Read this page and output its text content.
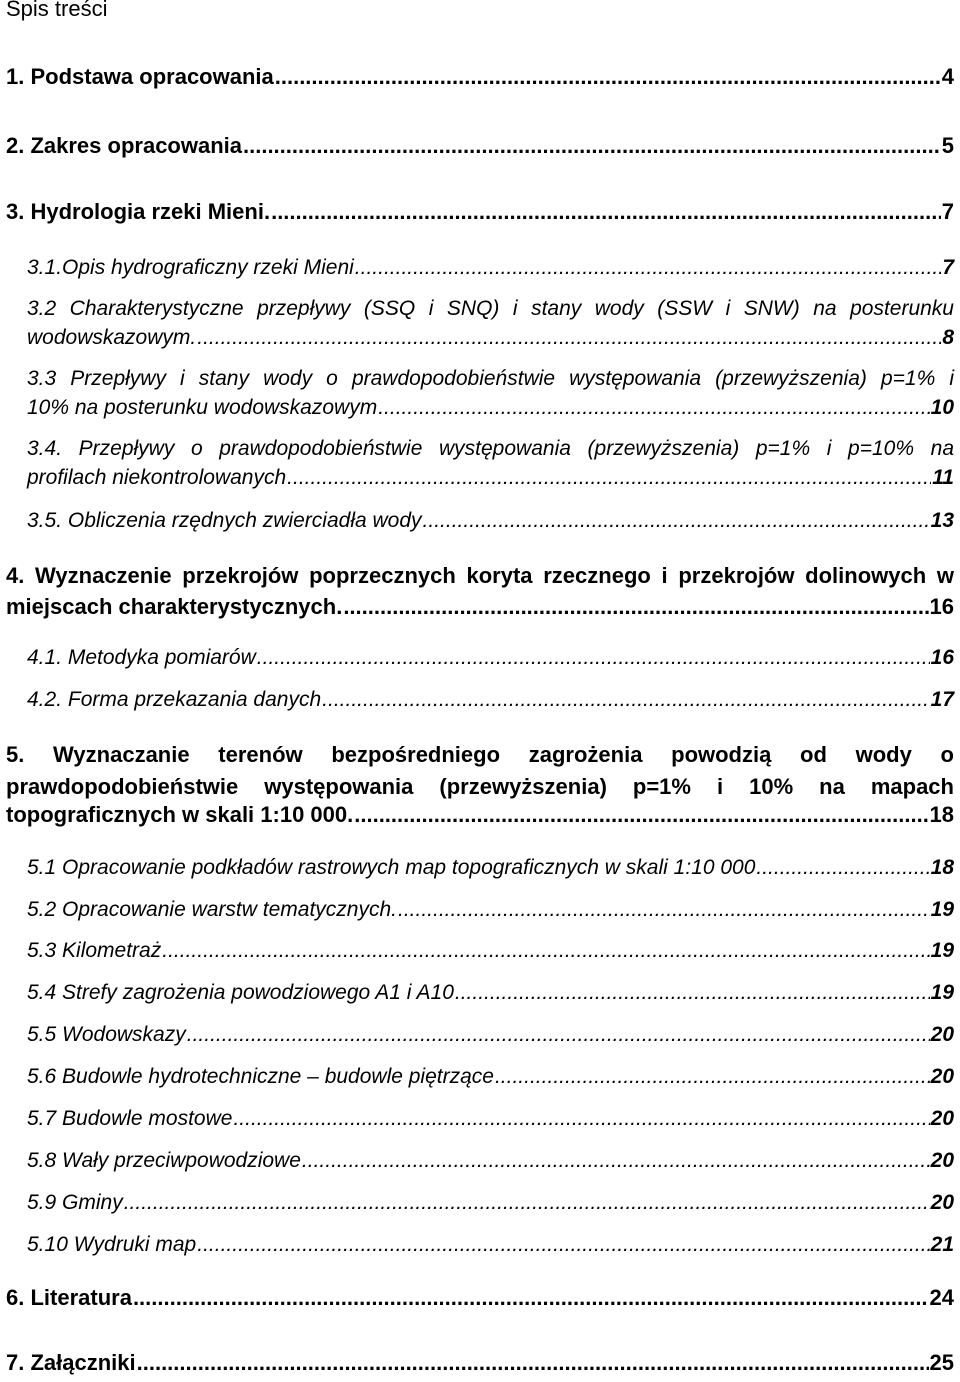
Spis treści
1. Podstawa opracowania .....	4
2. Zakres opracowania .....	5
3. Hydrologia rzeki Mieni. .....	7
3.1.Opis hydrograficzny rzeki Mieni .....	7
3.2 Charakterystyczne przepływy (SSQ i SNQ) i stany wody (SSW i SNW) na posterunku
wodowskazowym. .....	8
3.3 Przepływy i stany wody o prawdopodobieństwie występowania (przewyższenia) p=1% i
10% na posterunku wodowskazowym .....	10
3.4. Przepływy o prawdopodobieństwie występowania (przewyższenia) p=1% i p=10% na
profilach niekontrolowanych .....	11
3.5. Obliczenia rzędnych zwierciadła wody .....	13
4. Wyznaczenie przekrojów poprzecznych koryta rzecznego i przekrojów dolinowych w
miejscach charakterystycznych. .....	16
4.1. Metodyka pomiarów .....	16
4.2. Forma przekazania danych .....	17
5. Wyznaczanie terenów bezpośredniego zagrożenia powodzią od wody o
prawdopodobieństwie występowania (przewyższenia) p=1% i 10% na mapach
topograficznych w skali 1:10 000. .....	18
5.1 Opracowanie podkładów rastrowych map topograficznych w skali 1:10 000 .....	18
5.2 Opracowanie warstw tematycznych. .....	19
5.3 Kilometraż .....	19
5.4 Strefy zagrożenia powodziowego A1 i A10 .....	19
5.5 Wodowskazy .....	20
5.6 Budowle hydrotechniczne – budowle piętrzące .....	20
5.7 Budowle mostowe .....	20
5.8 Wały przeciwpowodziowe .....	20
5.9 Gminy .....	20
5.10 Wydruki map .....	21
6. Literatura .....	24
7. Załączniki .....	25
